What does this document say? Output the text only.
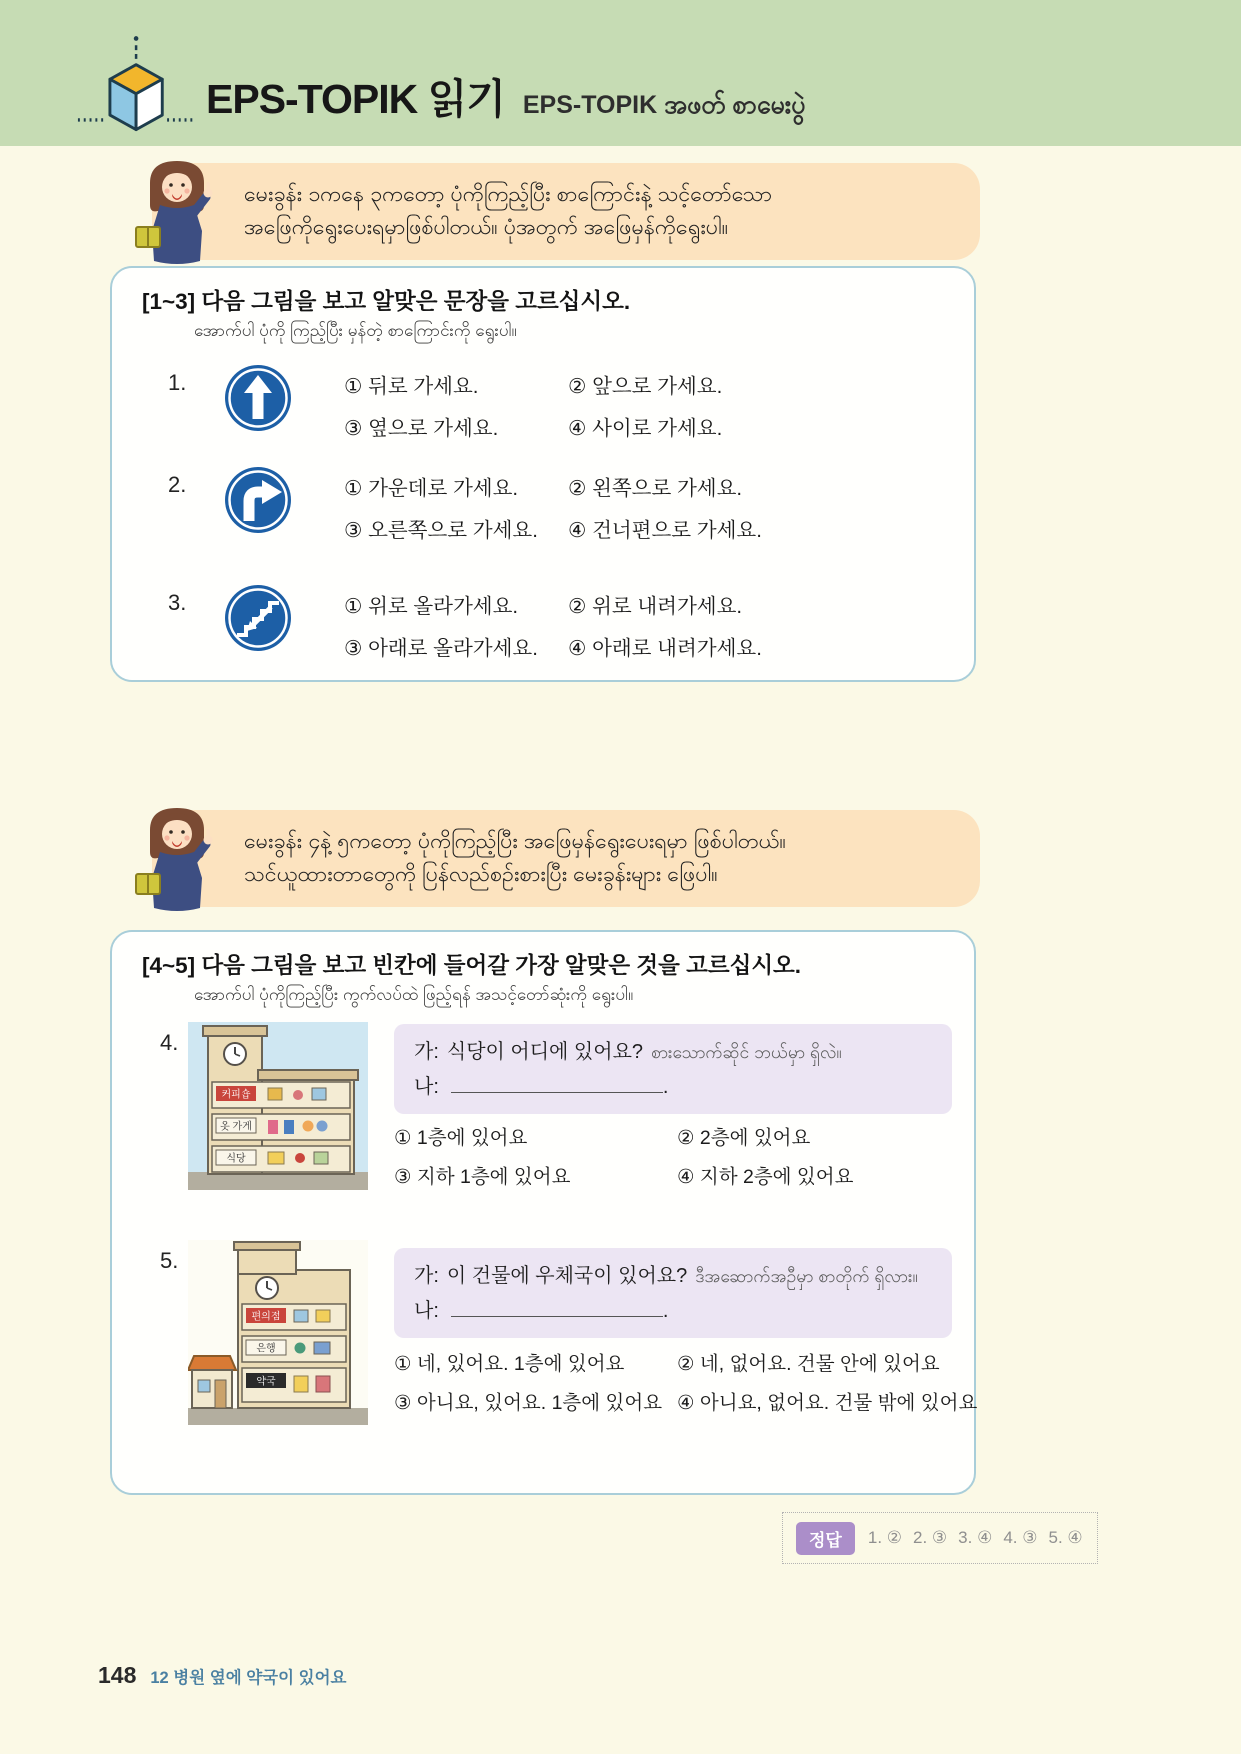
EPS-TOPIK 읽기 EPS-TOPIK အဖတ် စာမေးပွဲ
မေးခွန်း ၁ကနေ ၃ကတော့ ပုံကိုကြည့်ပြီး စာကြောင်းနဲ့ သင့်တော်သော
အဖြေကိုရွေးပေးရမှာဖြစ်ပါတယ်။ ပုံအတွက် အဖြေမှန်ကိုရွေးပါ။
[1~3] 다음 그림을 보고 알맞은 문장을 고르십시오.
အောက်ပါ ပုံကို ကြည့်ပြီး မှန်တဲ့ စာကြောင်းကို ရွေးပါ။
1.	① 뒤로 가세요.	② 앞으로 가세요.
③ 옆으로 가세요.	④ 사이로 가세요.
2.	① 가운데로 가세요.	② 왼쪽으로 가세요.
③ 오른쪽으로 가세요.	④ 건너편으로 가세요.
3.	① 위로 올라가세요.	② 위로 내려가세요.
③ 아래로 올라가세요.	④ 아래로 내려가세요.
မေးခွန်း ၄နဲ့ ၅ကတော့ ပုံကိုကြည့်ပြီး အဖြေမှန်ရွေးပေးရမှာ ဖြစ်ပါတယ်။
သင်ယူထားတာတွေကို ပြန်လည်စဉ်းစားပြီး မေးခွန်းများ ဖြေပါ။
[4~5] 다음 그림을 보고 빈칸에 들어갈 가장 알맞은 것을 고르십시오.
အောက်ပါ ပုံကိုကြည့်ပြီး ကွက်လပ်ထဲ ဖြည့်ရန် အသင့်တော်ဆုံးကို ရွေးပါ။
4.
커피숍
옷 가게
식당
가: 식당이 어디에 있어요? စားသောက်ဆိုင် ဘယ်မှာ ရှိလဲ။
나:	.
① 1층에 있어요	② 2층에 있어요
③ 지하 1층에 있어요	④ 지하 2층에 있어요
5.
편의점
은행
약국
가: 이 건물에 우체국이 있어요? ဒီအဆောက်အဦမှာ စာတိုက် ရှိလား။
나:	.
① 네, 있어요. 1층에 있어요	② 네, 없어요. 건물 안에 있어요
③ 아니요, 있어요. 1층에 있어요 ④ 아니요, 없어요. 건물 밖에 있어요
정답	1. ② 2. ③ 3. ④ 4. ③ 5. ④
148 12 병원 옆에 약국이 있어요
